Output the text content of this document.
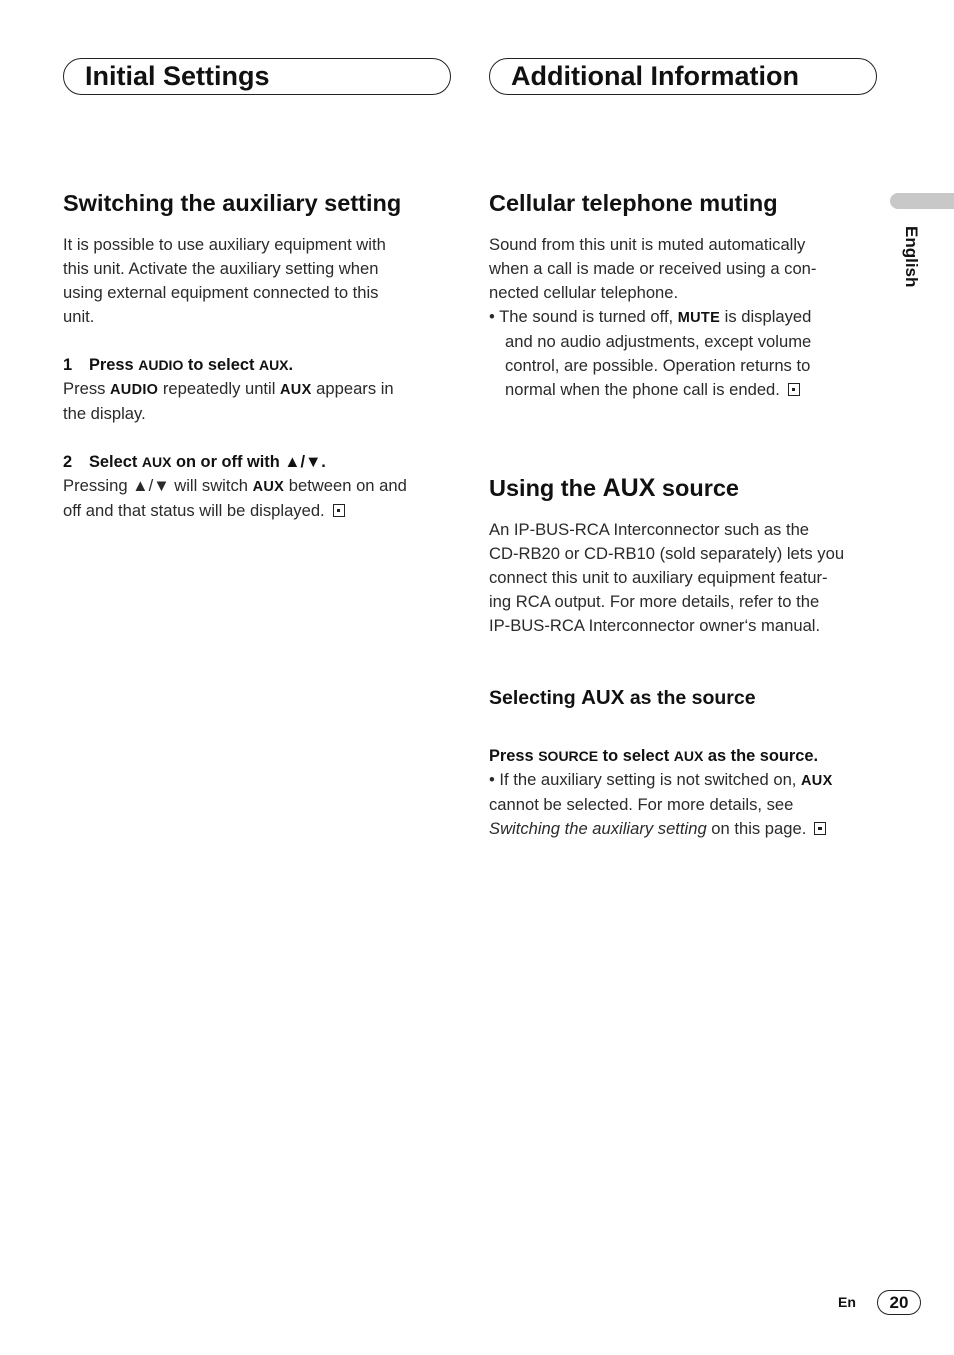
Initial Settings	Additional Information
English
Switching the auxiliary setting

It is possible to use auxiliary equipment with

this unit. Activate the auxiliary setting when

using external equipment connected to this

unit.

1 Press AUDIO to select AUX.

Press AUDIO repeatedly until AUX appears in

the display.

2 Select AUX on or off with ▲/▼.

Pressing ▲/▼ will switch AUX between on and

off and that status will be displayed.

Cellular telephone muting

Sound from this unit is muted automatically

when a call is made or received using a con-

nected cellular telephone.

• The sound is turned off, MUTE is displayed

and no audio adjustments, except volume

control, are possible. Operation returns to

normal when the phone call is ended.

Using the AUX source

An IP-BUS-RCA Interconnector such as the

CD-RB20 or CD-RB10 (sold separately) lets you

connect this unit to auxiliary equipment featur-

ing RCA output. For more details, refer to the

IP-BUS-RCA Interconnector owner‘s manual.

Selecting AUX as the source

Press SOURCE to select AUX as the source.

• If the auxiliary setting is not switched on, AUX

cannot be selected. For more details, see

Switching the auxiliary setting on this page.

En	20
